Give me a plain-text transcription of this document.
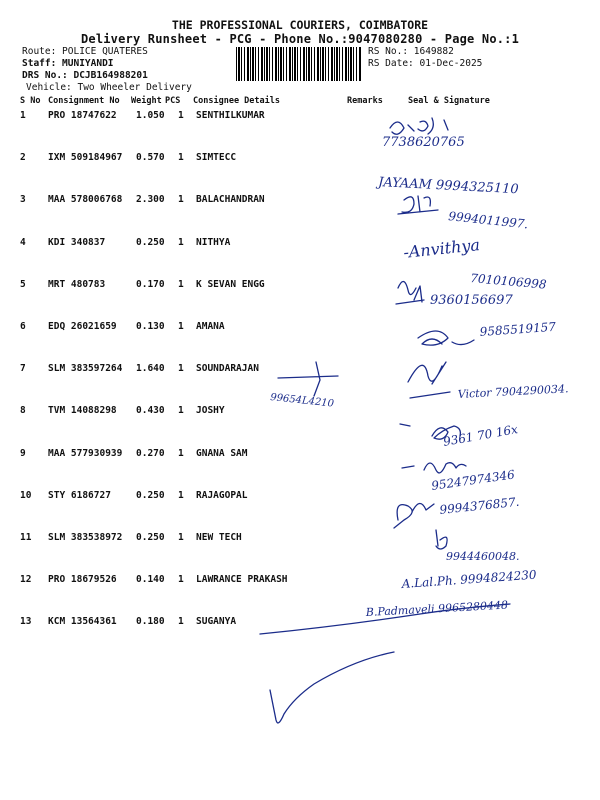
THE PROFESSIONAL COURIERS, COIMBATORE
Delivery Runsheet - PCG - Phone No.:9047080280 - Page No.:1
Route: POLICE QUATERES
Staff: MUNIYANDI
DRS No.: DCJB164988201
Vehicle: Two Wheeler Delivery
RS No.: 1649882
RS Date: 01-Dec-2025
S No Consignment No Weight PCS Consignee Details	Remarks	Seal & Signature
1 PRO 18747622 1.050 1 SENTHILKUMAR
2 IXM 509184967 0.570 1 SIMTECC
3 MAA 578006768 2.300 1 BALACHANDRAN
4 KDI 340837	0.250 1 NITHYA
5 MRT 480783	0.170 1 K SEVAN ENGG
6 EDQ 26021659 0.130 1 AMANA
7 SLM 383597264 1.640 1 SOUNDARAJAN
8 TVM 14088298 0.430 1 JOSHY
9 MAA 577930939 0.270 1 GNANA SAM
10 STY 6186727	0.250 1 RAJAGOPAL
11 SLM 383538972 0.250 1 NEW TECH
12 PRO 18679526 0.140 1 LAWRANCE PRAKASH
13 KCM 13564361 0.180 1 SUGANYA
7738620765
JAYAAM 9994325110
9994011997.
-Anvithya
7010106998
9360156697
9585519157
99654L4210	Victor 7904290034.
9361 70 16x
95247974346
9994376857.
9944460048.
A.Lal.Ph. 9994824230
B.Padmaveli 9965280448
